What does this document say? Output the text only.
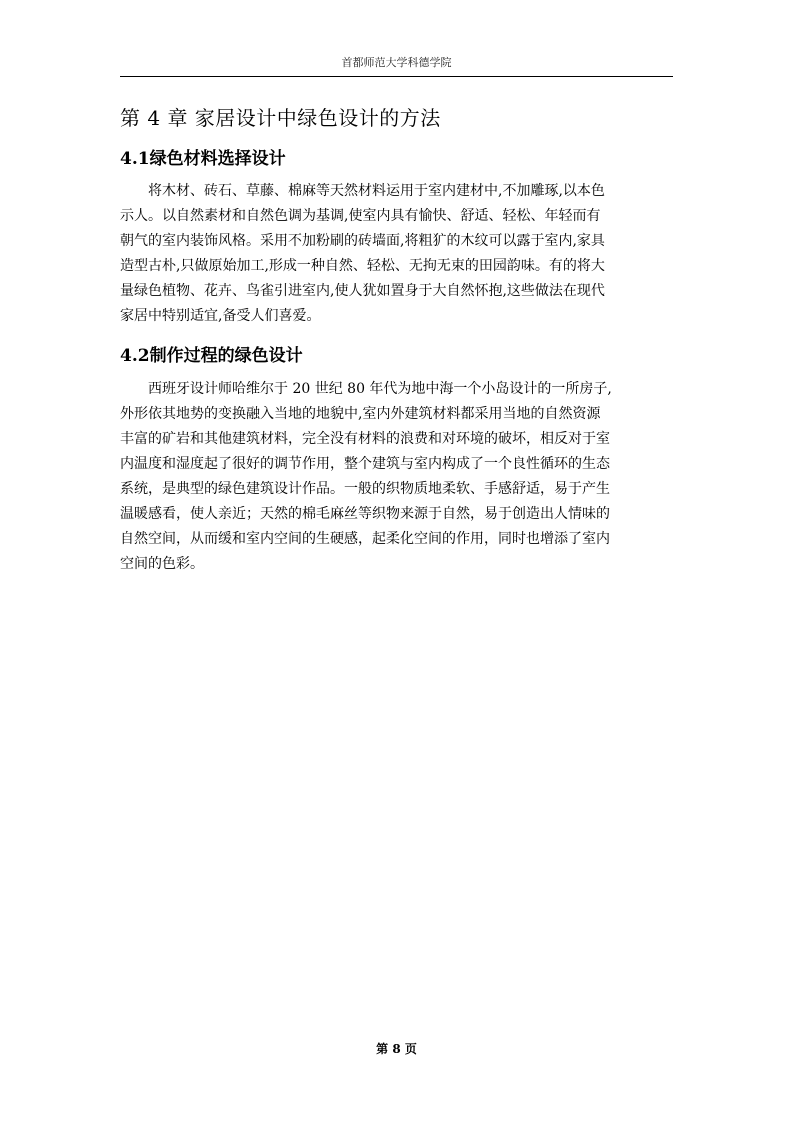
首都师范大学科德学院
第 4 章 家居设计中绿色设计的方法
4.1绿色材料选择设计
将木材、砖石、草藤、棉麻等天然材料运用于室内建材中,不加雕琢,以本色
示人。以自然素材和自然色调为基调,使室内具有愉快、舒适、轻松、年轻而有
朝气的室内装饰风格。采用不加粉刷的砖墙面,将粗犷的木纹可以露于室内,家具
造型古朴,只做原始加工,形成一种自然、轻松、无拘无束的田园韵味。有的将大
量绿色植物、花卉、鸟雀引进室内,使人犹如置身于大自然怀抱,这些做法在现代
家居中特别适宜,备受人们喜爱。
4.2制作过程的绿色设计
西班牙设计师哈维尔于 20 世纪 80 年代为地中海一个小岛设计的一所房子,
外形依其地势的变换融入当地的地貌中,室内外建筑材料都采用当地的自然资源
丰富的矿岩和其他建筑材料，完全没有材料的浪费和对环境的破坏，相反对于室
内温度和湿度起了很好的调节作用，整个建筑与室内构成了一个良性循环的生态
系统，是典型的绿色建筑设计作品。一般的织物质地柔软、手感舒适，易于产生
温暖感看，使人亲近；天然的棉毛麻丝等织物来源于自然，易于创造出人情味的
自然空间，从而缓和室内空间的生硬感，起柔化空间的作用，同时也增添了室内
空间的色彩。
第 8 页
